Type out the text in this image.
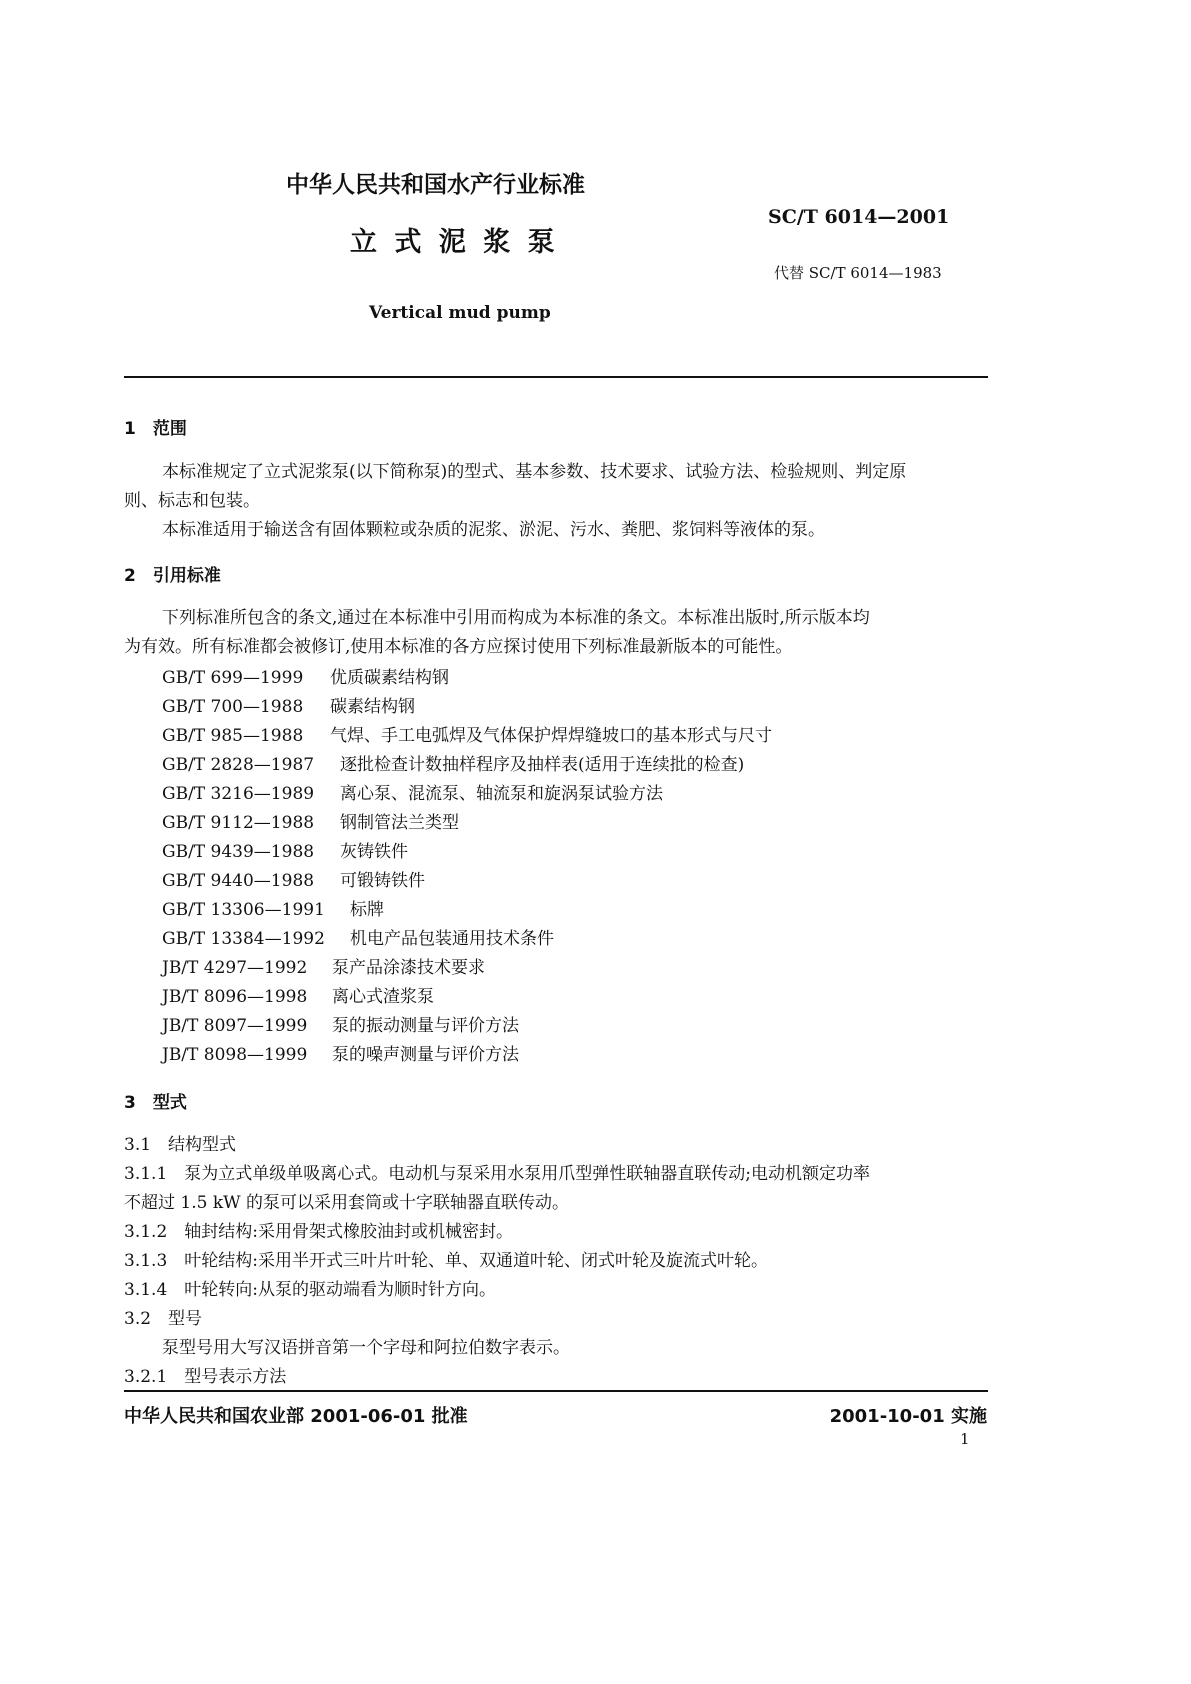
中华人民共和国水产行业标准
SC/T 6014—2001
立 式 泥 浆 泵
代替 SC/T 6014—1983
Vertical mud pump
1　范围
本标准规定了立式泥浆泵(以下简称泵)的型式、基本参数、技术要求、试验方法、检验规则、判定原
则、标志和包装。
本标准适用于输送含有固体颗粒或杂质的泥浆、淤泥、污水、粪肥、浆饲料等液体的泵。
2　引用标准
下列标准所包含的条文,通过在本标准中引用而构成为本标准的条文。本标准出版时,所示版本均
为有效。所有标准都会被修订,使用本标准的各方应探讨使用下列标准最新版本的可能性。
GB/T 699—1999 优质碳素结构钢
GB/T 700—1988 碳素结构钢
GB/T 985—1988 气焊、手工电弧焊及气体保护焊焊缝坡口的基本形式与尺寸
GB/T 2828—1987 逐批检查计数抽样程序及抽样表(适用于连续批的检查)
GB/T 3216—1989 离心泵、混流泵、轴流泵和旋涡泵试验方法
GB/T 9112—1988 钢制管法兰类型
GB/T 9439—1988 灰铸铁件
GB/T 9440—1988 可锻铸铁件
GB/T 13306—1991 标牌
GB/T 13384—1992 机电产品包装通用技术条件
JB/T 4297—1992 泵产品涂漆技术要求
JB/T 8096—1998 离心式渣浆泵
JB/T 8097—1999 泵的振动测量与评价方法
JB/T 8098—1999 泵的噪声测量与评价方法
3　型式
3.1　结构型式
3.1.1　泵为立式单级单吸离心式。电动机与泵采用水泵用爪型弹性联轴器直联传动;电动机额定功率
不超过 1.5 kW 的泵可以采用套筒或十字联轴器直联传动。
3.1.2　轴封结构:采用骨架式橡胶油封或机械密封。
3.1.3　叶轮结构:采用半开式三叶片叶轮、单、双通道叶轮、闭式叶轮及旋流式叶轮。
3.1.4　叶轮转向:从泵的驱动端看为顺时针方向。
3.2　型号
泵型号用大写汉语拼音第一个字母和阿拉伯数字表示。
3.2.1　型号表示方法
中华人民共和国农业部 2001-06-01 批准	2001-10-01 实施
1
